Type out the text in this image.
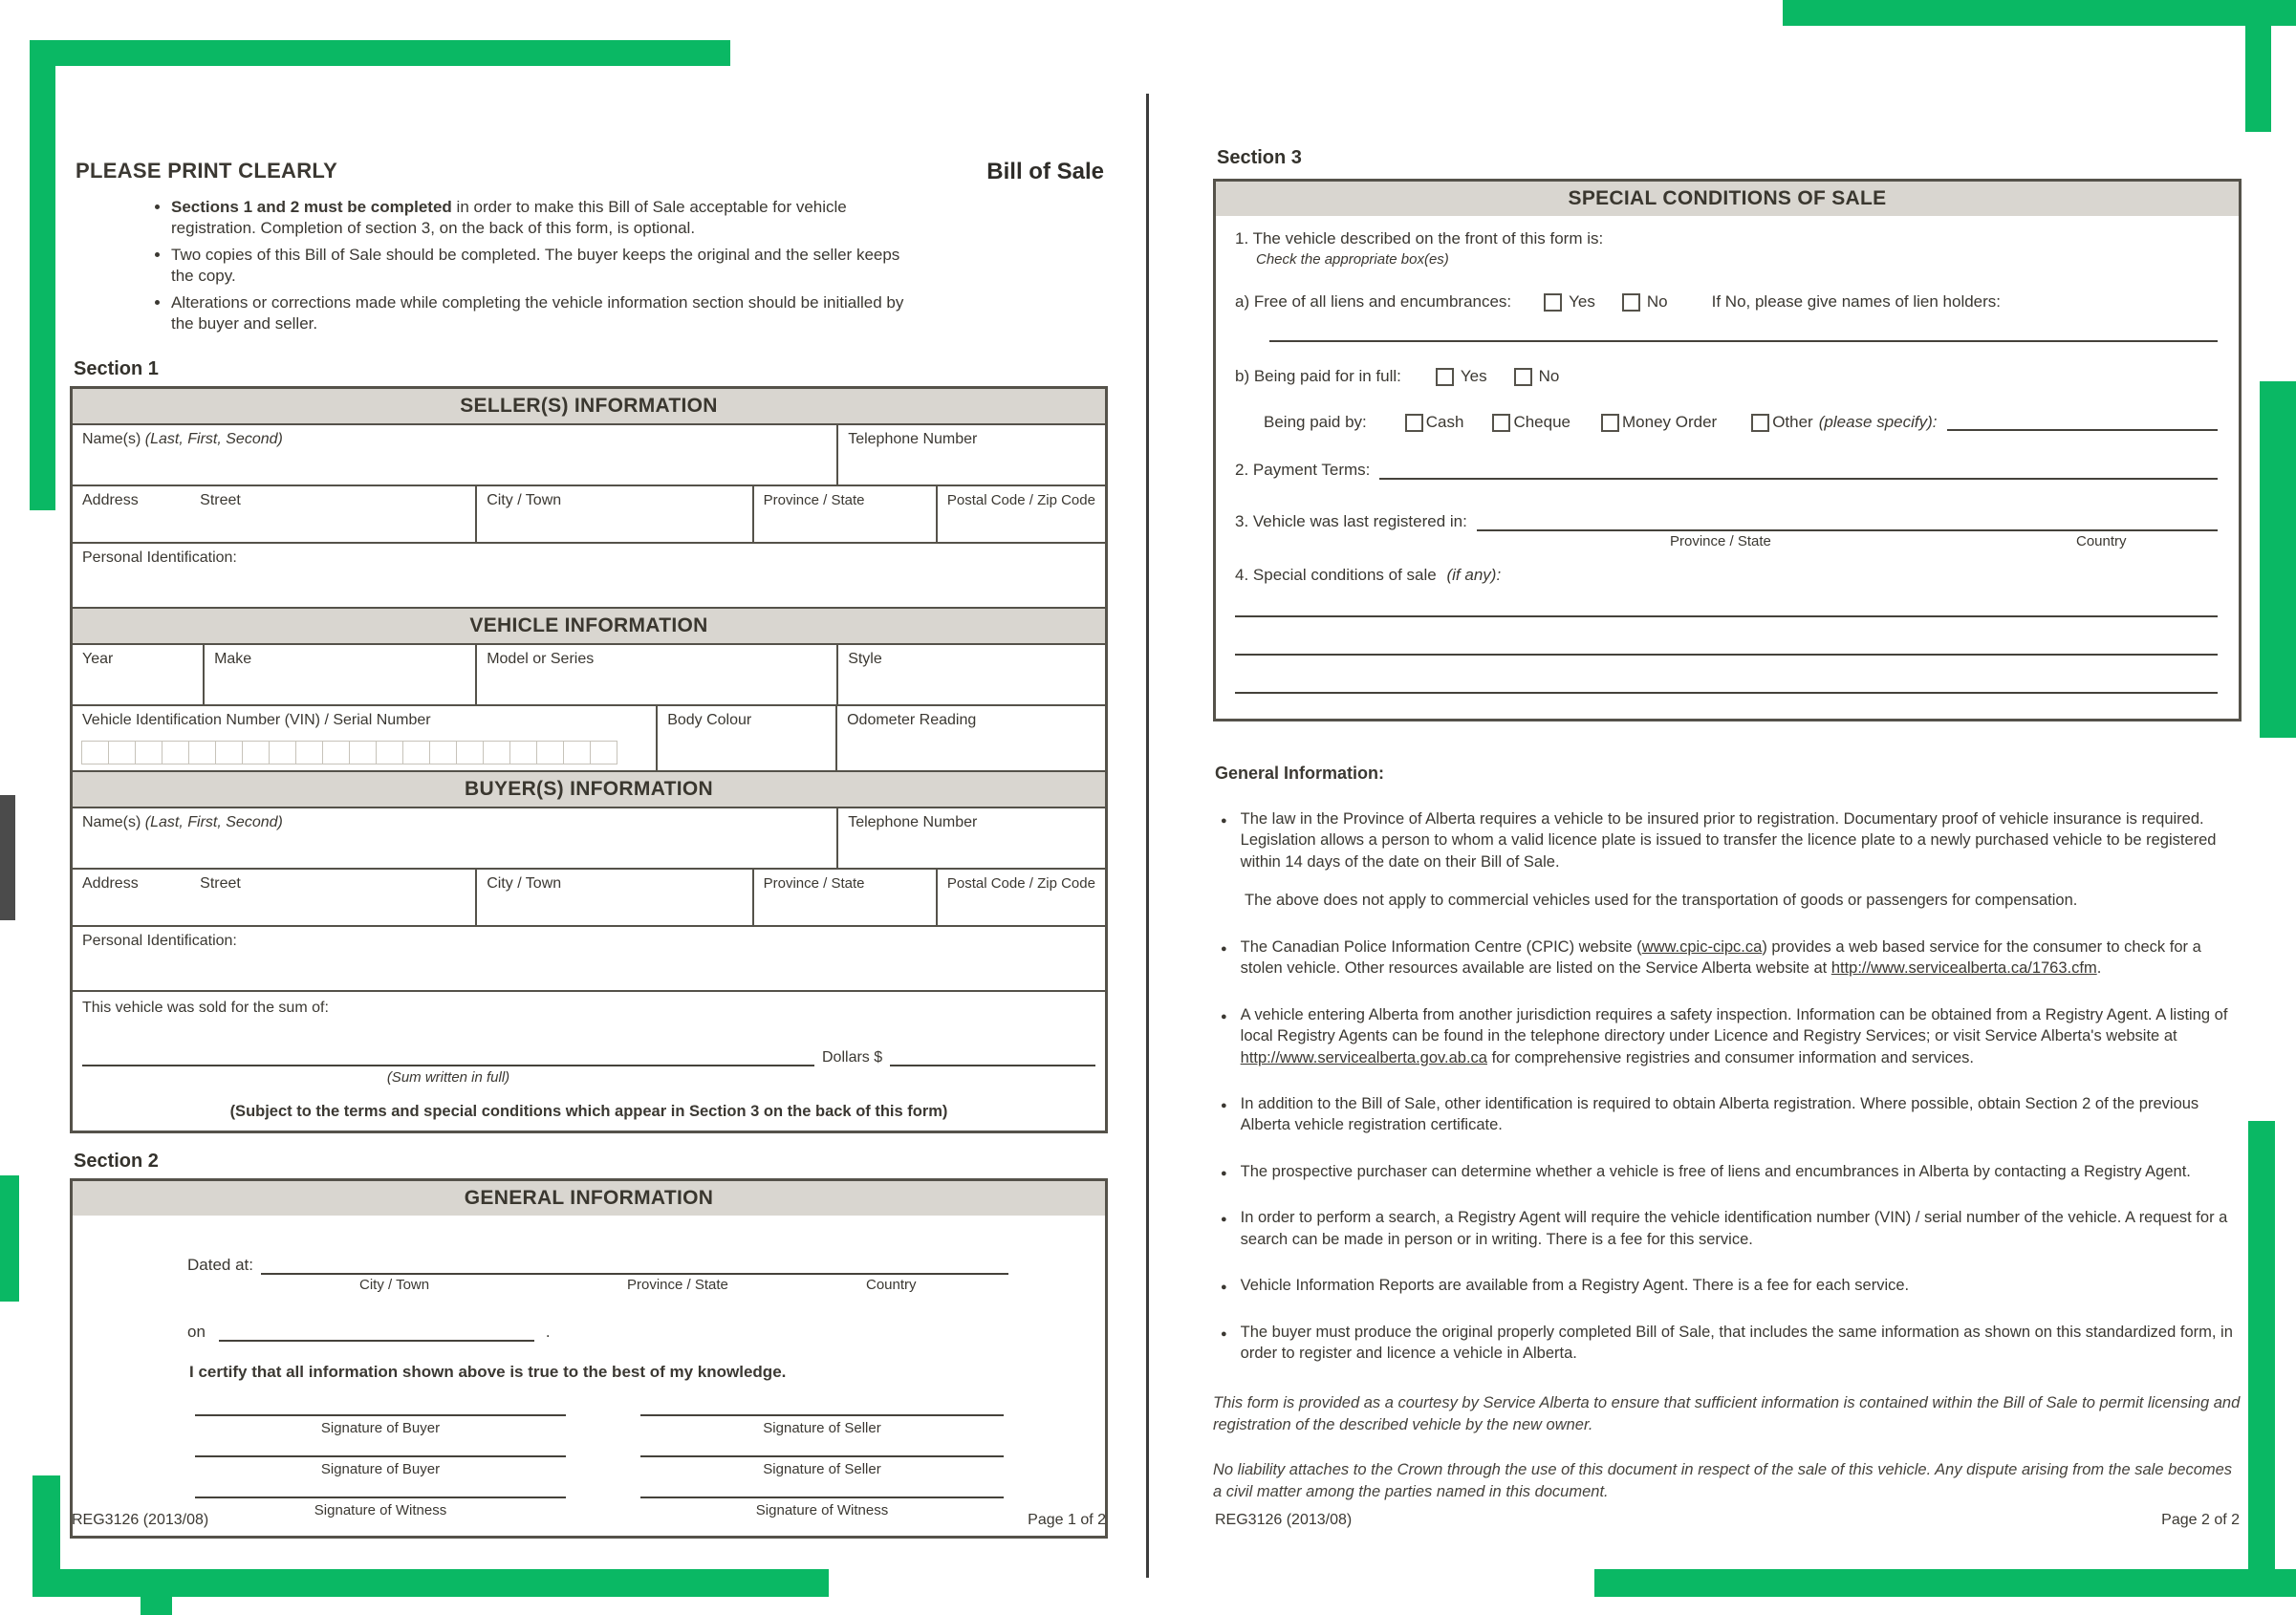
PLEASE PRINT CLEARLY	Bill of Sale
• Sections 1 and 2 must be completed in order to make this Bill of Sale acceptable for vehicle registration. Completion of section 3, on the back of this form, is optional.
• Two copies of this Bill of Sale should be completed. The buyer keeps the original and the seller keeps the copy.
• Alterations or corrections made while completing the vehicle information section should be initialled by the buyer and seller.
Section 1
SELLER(S) INFORMATION
Name(s) (Last, First, Second)	Telephone Number
Address	Street	City / Town	Province / State	Postal Code / Zip Code
Personal Identification:
VEHICLE INFORMATION
Year	Make	Model or Series	Style
Vehicle Identification Number (VIN) / Serial Number	Body Colour	Odometer Reading
BUYER(S) INFORMATION
Name(s) (Last, First, Second)	Telephone Number
Address	Street	City / Town	Province / State	Postal Code / Zip Code
Personal Identification:
This vehicle was sold for the sum of:
Dollars $
(Sum written in full)
(Subject to the terms and special conditions which appear in Section 3 on the back of this form)
Section 2
GENERAL INFORMATION
Dated at:
City / Town	Province / State	Country
on	.
I certify that all information shown above is true to the best of my knowledge.
Signature of Buyer	Signature of Seller
Signature of Buyer	Signature of Seller
Signature of Witness	Signature of Witness
REG3126 (2013/08)	Page 1 of 2
Section 3
SPECIAL CONDITIONS OF SALE
1. The vehicle described on the front of this form is:
Check the appropriate box(es)
a) Free of all liens and encumbrances:	Yes	No	If No, please give names of lien holders:
b) Being paid for in full:	Yes	No
Being paid by:	Cash	Cheque	Money Order	Other (please specify):
2. Payment Terms:
3. Vehicle was last registered in:
Province / State	Country
4. Special conditions of sale (if any):
General Information:
●
The law in the Province of Alberta requires a vehicle to be insured prior to registration. Documentary proof of vehicle insurance is required. Legislation allows a person to whom a valid licence plate is issued to transfer the licence plate to a newly purchased vehicle to be registered within 14 days of the date on their Bill of Sale.
The above does not apply to commercial vehicles used for the transportation of goods or passengers for compensation.
●
The Canadian Police Information Centre (CPIC) website (www.cpic-cipc.ca) provides a web based service for the consumer to check for a stolen vehicle. Other resources available are listed on the Service Alberta website at http://www.servicealberta.ca/1763.cfm.
●
A vehicle entering Alberta from another jurisdiction requires a safety inspection. Information can be obtained from a Registry Agent. A listing of local Registry Agents can be found in the telephone directory under Licence and Registry Services; or visit Service Alberta's website at http://www.servicealberta.gov.ab.ca for comprehensive registries and consumer information and services.
●
In addition to the Bill of Sale, other identification is required to obtain Alberta registration. Where possible, obtain Section 2 of the previous Alberta vehicle registration certificate.
●
The prospective purchaser can determine whether a vehicle is free of liens and encumbrances in Alberta by contacting a Registry Agent.
●
In order to perform a search, a Registry Agent will require the vehicle identification number (VIN) / serial number of the vehicle. A request for a search can be made in person or in writing. There is a fee for this service.
●
Vehicle Information Reports are available from a Registry Agent. There is a fee for each service.
●
The buyer must produce the original properly completed Bill of Sale, that includes the same information as shown on this standardized form, in order to register and licence a vehicle in Alberta.
This form is provided as a courtesy by Service Alberta to ensure that sufficient information is contained within the Bill of Sale to permit licensing and registration of the described vehicle by the new owner.
No liability attaches to the Crown through the use of this document in respect of the sale of this vehicle. Any dispute arising from the sale becomes a civil matter among the parties named in this document.
REG3126 (2013/08)	Page 2 of 2
